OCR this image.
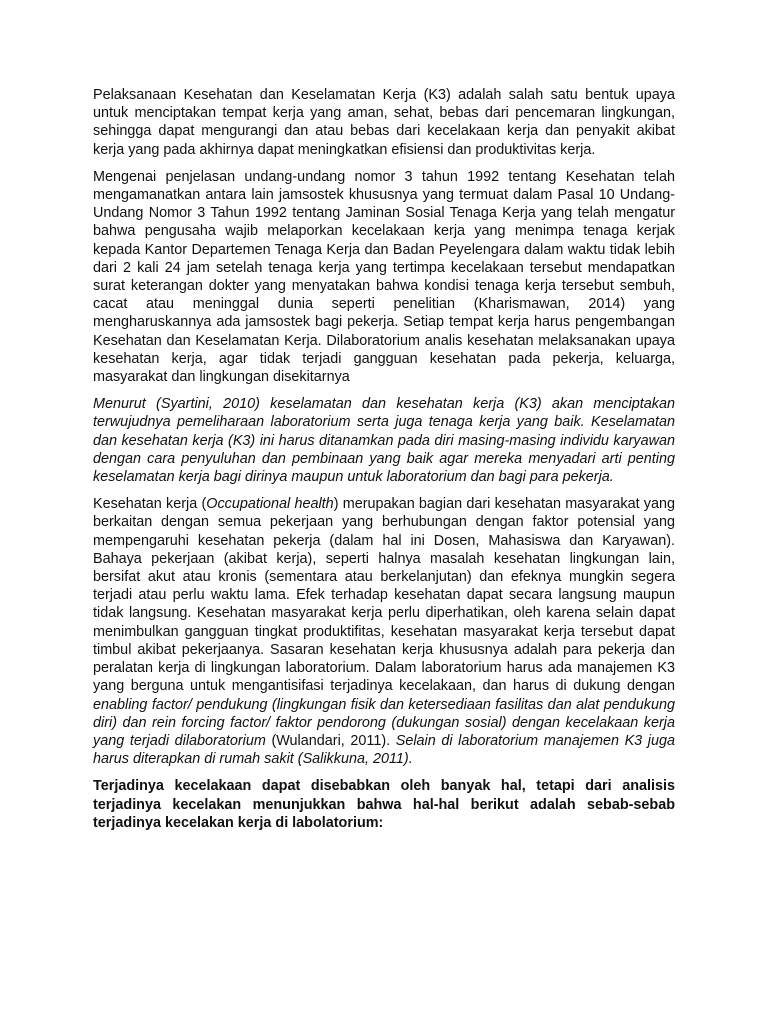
Pelaksanaan Kesehatan dan Keselamatan Kerja (K3) adalah salah satu bentuk upaya untuk menciptakan tempat kerja yang aman, sehat, bebas dari pencemaran lingkungan, sehingga dapat mengurangi dan atau bebas dari kecelakaan kerja dan penyakit akibat kerja yang pada akhirnya dapat meningkatkan efisiensi dan produktivitas kerja.

Mengenai penjelasan undang-undang nomor 3 tahun 1992 tentang Kesehatan telah mengamanatkan antara lain jamsostek khususnya yang termuat dalam Pasal 10 Undang-Undang Nomor 3 Tahun 1992 tentang Jaminan Sosial Tenaga Kerja yang telah mengatur bahwa pengusaha wajib melaporkan kecelakaan kerja yang menimpa tenaga kerjak kepada Kantor Departemen Tenaga Kerja dan Badan Peyelengara dalam waktu tidak lebih dari 2 kali 24 jam setelah tenaga kerja yang tertimpa kecelakaan tersebut mendapatkan surat keterangan dokter yang menyatakan bahwa kondisi tenaga kerja tersebut sembuh, cacat atau meninggal dunia seperti penelitian (Kharismawan, 2014) yang mengharuskannya ada jamsostek bagi pekerja. Setiap tempat kerja harus pengembangan Kesehatan dan Keselamatan Kerja. Dilaboratorium analis kesehatan melaksanakan upaya kesehatan kerja, agar tidak terjadi gangguan kesehatan pada pekerja, keluarga, masyarakat dan lingkungan disekitarnya

Menurut (Syartini, 2010) keselamatan dan kesehatan kerja (K3) akan menciptakan terwujudnya pemeliharaan laboratorium serta juga tenaga kerja yang baik. Keselamatan dan kesehatan kerja (K3) ini harus ditanamkan pada diri masing-masing individu karyawan dengan cara penyuluhan dan pembinaan yang baik agar mereka menyadari arti penting keselamatan kerja bagi dirinya maupun untuk laboratorium dan bagi para pekerja.

Kesehatan kerja (Occupational health) merupakan bagian dari kesehatan masyarakat yang berkaitan dengan semua pekerjaan yang berhubungan dengan faktor potensial yang mempengaruhi kesehatan pekerja (dalam hal ini Dosen, Mahasiswa dan Karyawan). Bahaya pekerjaan (akibat kerja), seperti halnya masalah kesehatan lingkungan lain, bersifat akut atau kronis (sementara atau berkelanjutan) dan efeknya mungkin segera terjadi atau perlu waktu lama. Efek terhadap kesehatan dapat secara langsung maupun tidak langsung. Kesehatan masyarakat kerja perlu diperhatikan, oleh karena selain dapat menimbulkan gangguan tingkat produktifitas, kesehatan masyarakat kerja tersebut dapat timbul akibat pekerjaanya. Sasaran kesehatan kerja khususnya adalah para pekerja dan peralatan kerja di lingkungan laboratorium. Dalam laboratorium harus ada manajemen K3 yang berguna untuk mengantisifasi terjadinya kecelakaan, dan harus di dukung dengan enabling factor/ pendukung (lingkungan fisik dan ketersediaan fasilitas dan alat pendukung diri) dan rein forcing factor/ faktor pendorong (dukungan sosial) dengan kecelakaan kerja yang terjadi dilaboratorium (Wulandari, 2011). Selain di laboratorium manajemen K3 juga harus diterapkan di rumah sakit (Salikkuna, 2011).

Terjadinya kecelakaan dapat disebabkan oleh banyak hal, tetapi dari analisis terjadinya kecelakan menunjukkan bahwa hal-hal berikut adalah sebab-sebab terjadinya kecelakan kerja di labolatorium:
